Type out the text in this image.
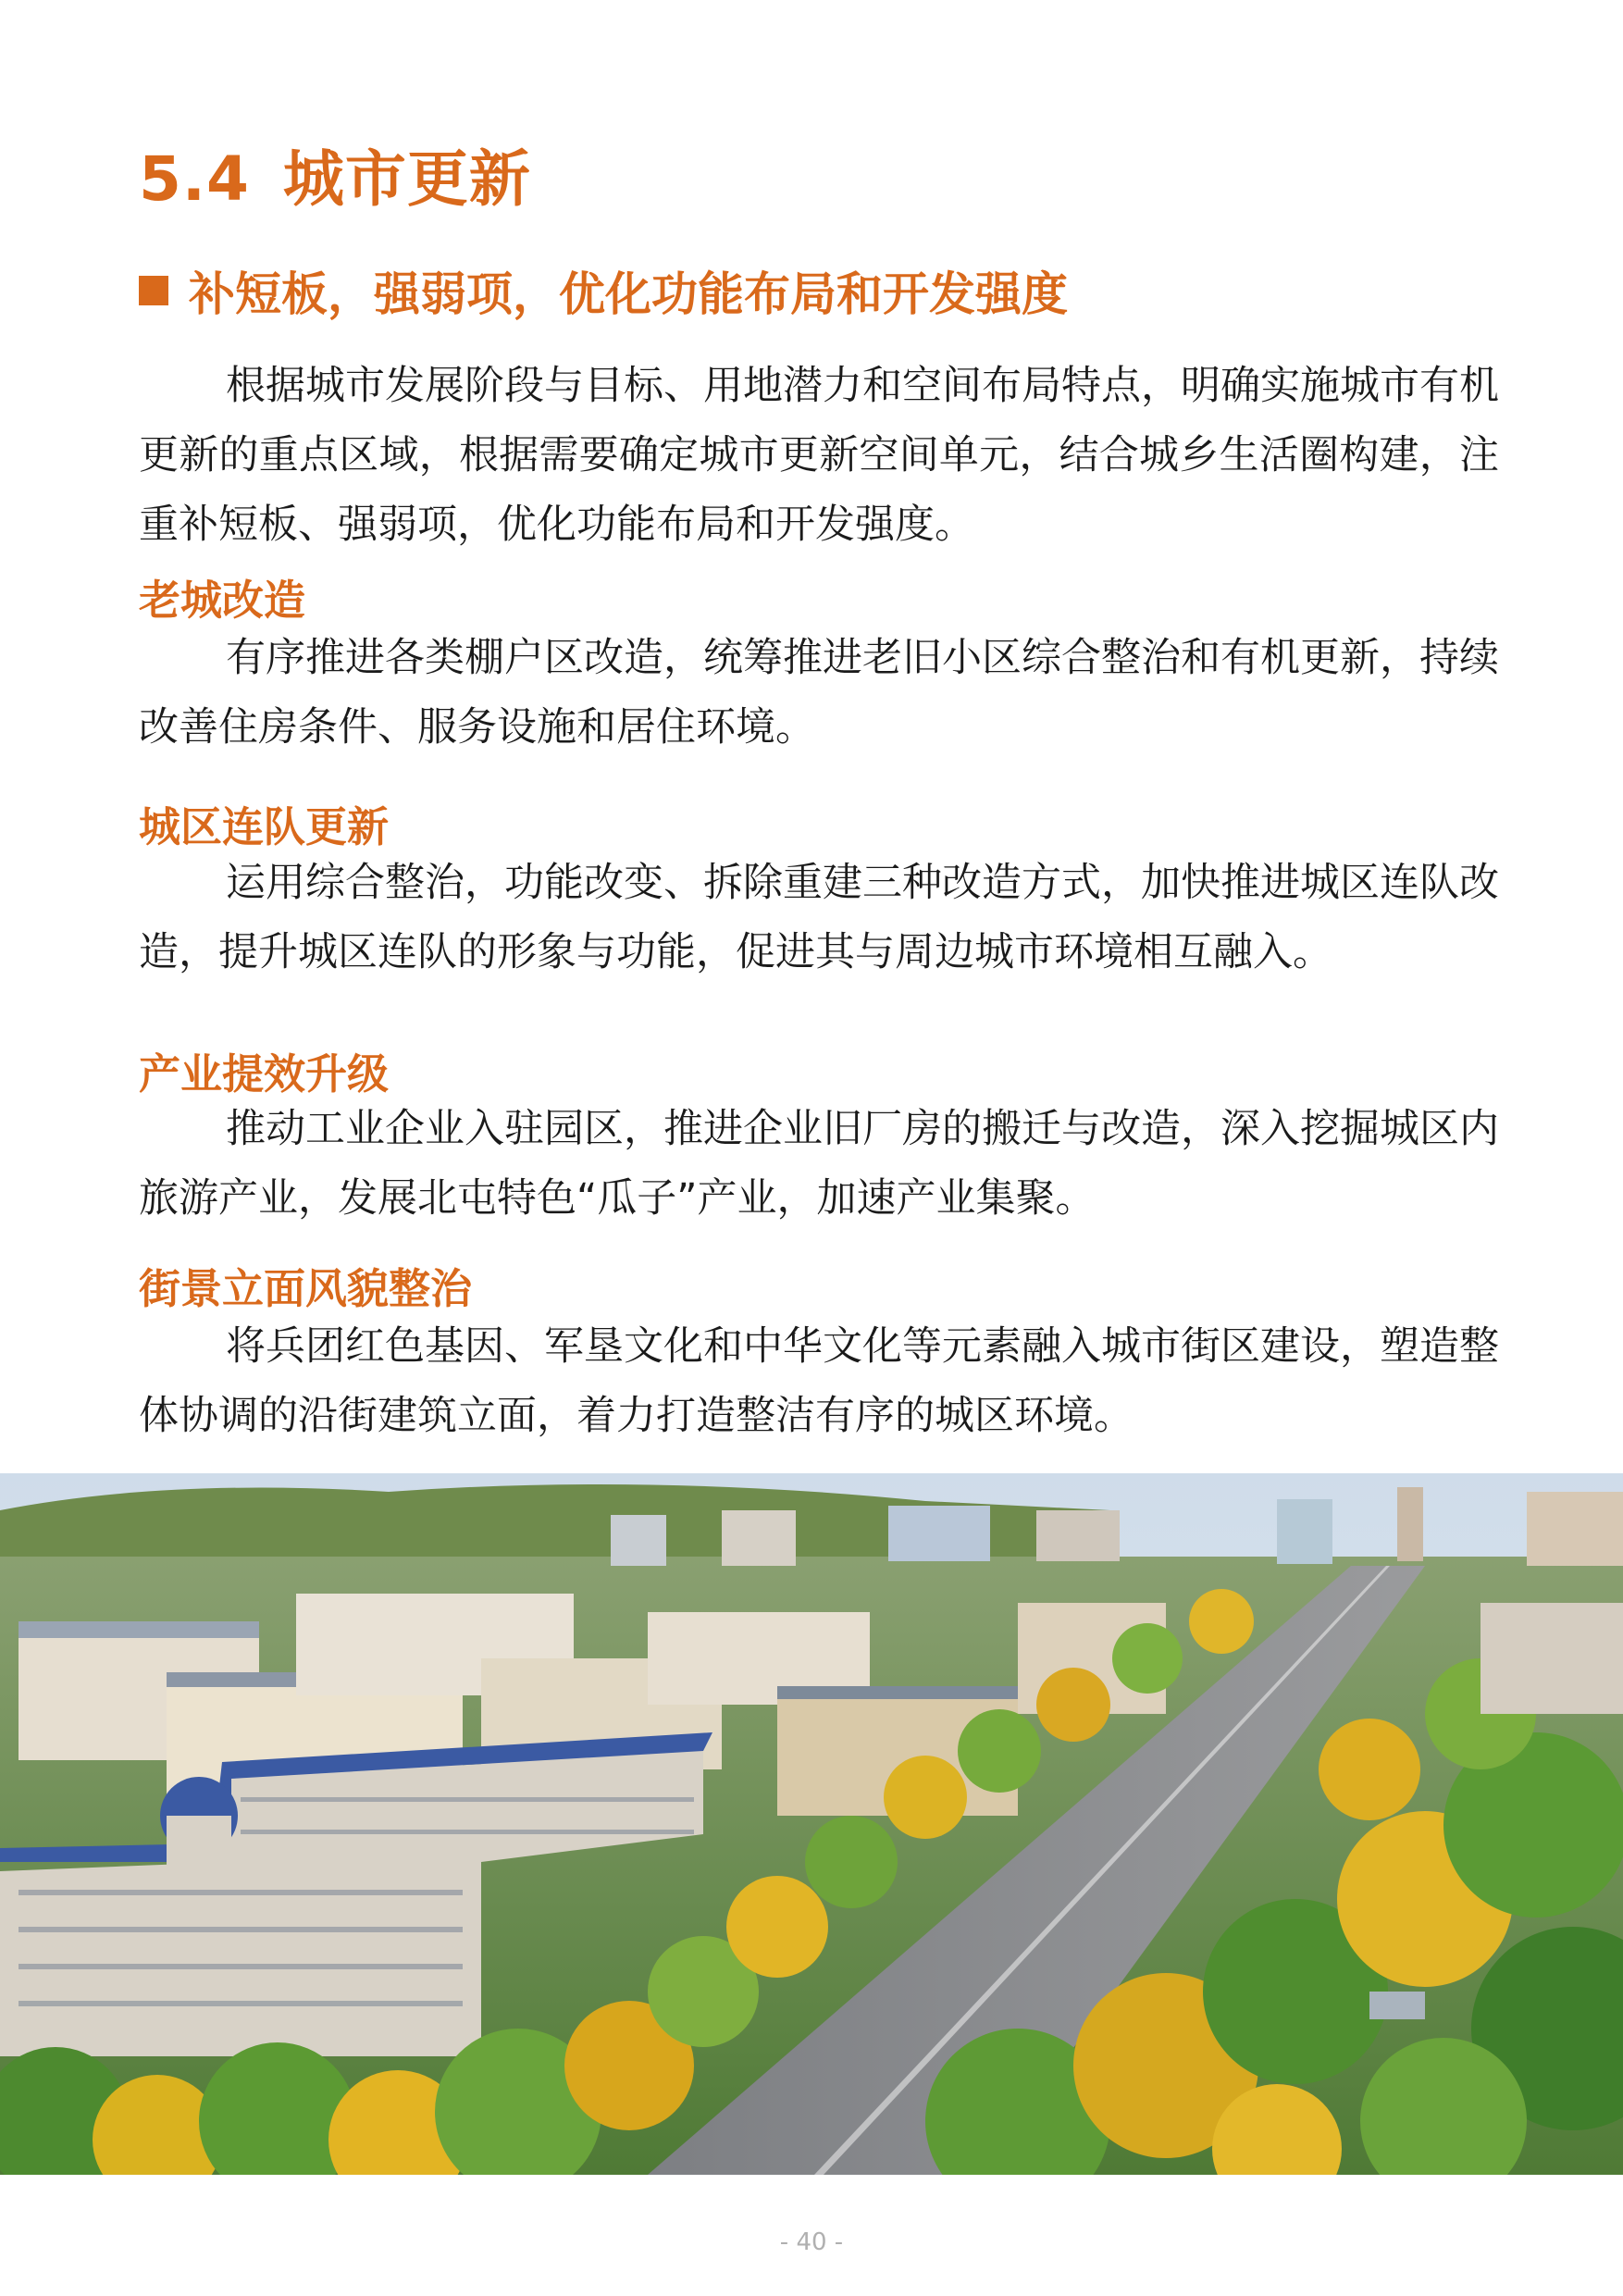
5.4 城市更新
补短板，强弱项，优化功能布局和开发强度

根据城市发展阶段与目标、用地潜力和空间布局特点，明确实施城市有机更新的重点区域，根据需要确定城市更新空间单元，结合城乡生活圈构建，注重补短板、强弱项，优化功能布局和开发强度。

老城改造

有序推进各类棚户区改造，统筹推进老旧小区综合整治和有机更新，持续改善住房条件、服务设施和居住环境。

城区连队更新

运用综合整治，功能改变、拆除重建三种改造方式，加快推进城区连队改造，提升城区连队的形象与功能，促进其与周边城市环境相互融入。

产业提效升级

推动工业企业入驻园区，推进企业旧厂房的搬迁与改造，深入挖掘城区内旅游产业，发展北屯特色“瓜子”产业，加速产业集聚。

街景立面风貌整治

将兵团红色基因、军垦文化和中华文化等元素融入城市街区建设，塑造整体协调的沿街建筑立面，着力打造整洁有序的城区环境。

- 40 -
